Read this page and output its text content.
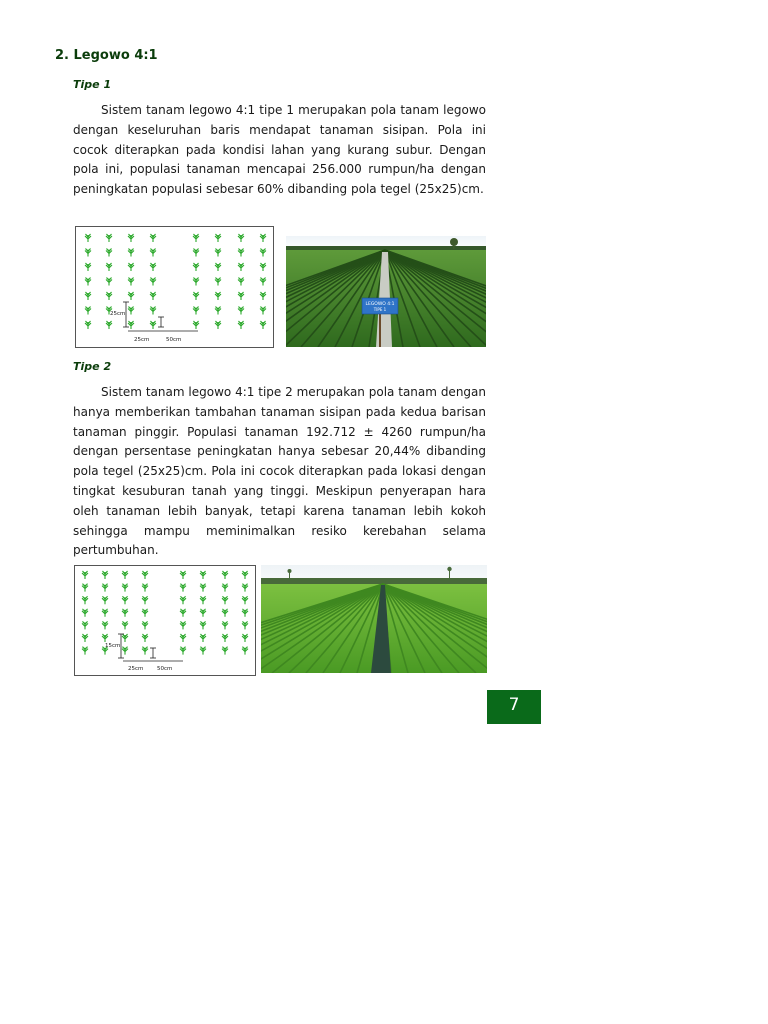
2. Legowo 4:1
Tipe 1

Sistem tanam legowo 4:1 tipe 1 merupakan pola tanam legowo dengan keseluruhan baris mendapat tanaman sisipan. Pola ini cocok diterapkan pada kondisi lahan yang kurang subur. Dengan pola ini, populasi tanaman mencapai 256.000 rumpun/ha dengan peningkatan populasi sebesar 60% dibanding pola tegel (25x25)cm.

25cm
25cm	50cm
LEGOWO 4:1
TIPE 1
Tipe 2

Sistem tanam legowo 4:1 tipe 2 merupakan pola tanam dengan hanya memberikan tambahan tanaman sisipan pada kedua barisan tanaman pinggir. Populasi tanaman 192.712 ± 4260 rumpun/ha dengan persentase peningkatan hanya sebesar 20,44% dibanding pola tegel (25x25)cm. Pola ini cocok diterapkan pada lokasi dengan tingkat kesuburan tanah yang tinggi. Meskipun penyerapan hara oleh tanaman lebih banyak, tetapi karena tanaman lebih kokoh sehingga mampu meminimalkan resiko kerebahan selama pertumbuhan.

15cm
25cm 50cm
7
